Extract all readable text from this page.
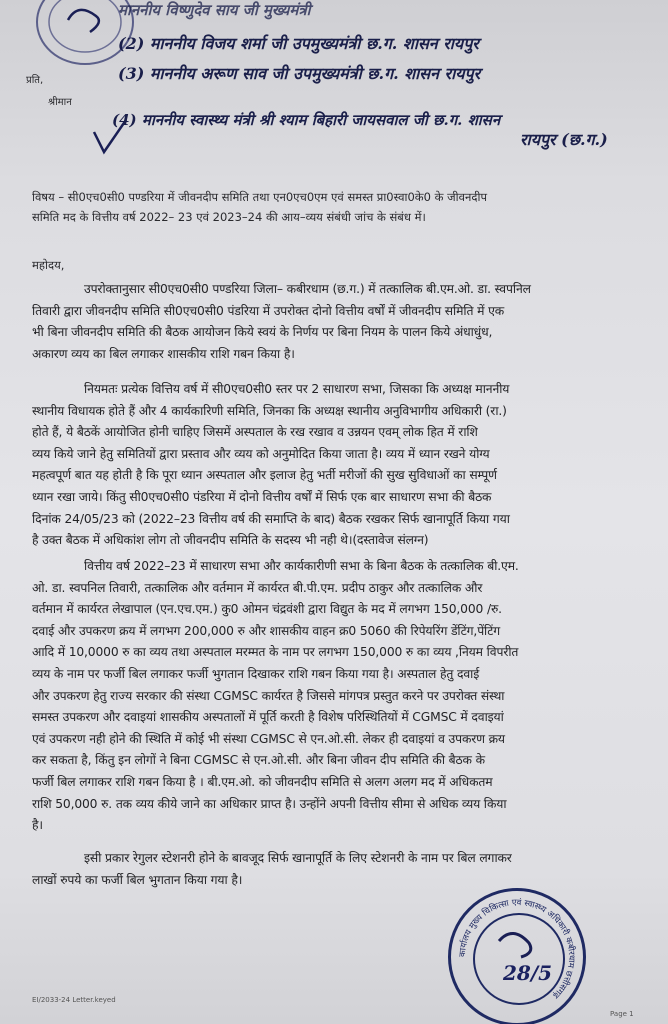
माननीय विष्णुदेव साय जी मुख्यमंत्री
(2) माननीय विजय शर्मा जी उपमुख्यमंत्री छ.ग. शासन रायपुर
प्रति,	(3) माननीय अरूण साव जी उपमुख्यमंत्री छ.ग. शासन रायपुर
श्रीमान
(4) माननीय स्वास्थ्य मंत्री श्री श्याम बिहारी जायसवाल जी छ.ग. शासन
रायपुर (छ.ग.)
विषय – सी0एच0सी0 पण्डरिया में जीवनदीप समिति तथा एन0एच0एम एवं समस्त प्रा0स्वा0के0 के जीवनदीप
समिति मद के वित्तीय वर्ष 2022– 23 एवं 2023–24 की आय–व्यय संबंधी जांच के संबंध में।
महोदय,
उपरोक्तानुसार सी0एच0सी0 पण्डरिया जिला– कबीरधाम (छ.ग.) में तत्कालिक बी.एम.ओ. डा. स्वपनिल
तिवारी द्वारा जीवनदीप समिति सी0एच0सी0 पंडरिया में उपरोक्त दोनो वित्तीय वर्षों में जीवनदीप समिति में एक
भी बिना जीवनदीप समिति की बैठक आयोजन किये स्वयं के निर्णय पर बिना नियम के पालन किये अंधाधुंध,
अकारण व्यय का बिल लगाकर शासकीय राशि गबन किया है।
नियमतः प्रत्येक वित्तिय वर्ष में सी0एच0सी0 स्तर पर 2 साधारण सभा, जिसका कि अध्यक्ष माननीय
स्थानीय विधायक होते हैं और 4 कार्यकारिणी समिति, जिनका कि अध्यक्ष स्थानीय अनुविभागीय अधिकारी (रा.)
होते हैं, ये बैठकें आयोजित होनी चाहिए जिसमें अस्पताल के रख रखाव व उन्नयन एवम् लोक हित में राशि
व्यय किये जाने हेतु समितियों द्वारा प्रस्ताव और व्यय को अनुमोदित किया जाता है। व्यय में ध्यान रखने योग्य
महत्वपूर्ण बात यह होती है कि पूरा ध्यान अस्पताल और इलाज हेतु भर्ती मरीजों की सुख सुविधाओं का सम्पूर्ण
ध्यान रखा जाये। किंतु सी0एच0सी0 पंडरिया में दोनो वित्तीय वर्षों में सिर्फ एक बार साधारण सभा की बैठक
दिनांक 24/05/23 को (2022–23 वित्तीय वर्ष की समाप्ति के बाद) बैठक रखकर सिर्फ खानापूर्ति किया गया
है उक्त बैठक में अधिकांश लोग तो जीवनदीप समिति के सदस्य भी नही थे।(दस्तावेज संलग्न)
वित्तीय वर्ष 2022–23 में साधारण सभा और कार्यकारीणी सभा के बिना बैठक के तत्कालिक बी.एम.
ओ. डा. स्वपनिल तिवारी, तत्कालिक और वर्तमान में कार्यरत बी.पी.एम. प्रदीप ठाकुर और तत्कालिक और
वर्तमान में कार्यरत लेखापाल (एन.एच.एम.) कु0 ओमन चंद्रवंशी द्वारा विद्युत के मद में लगभग 150,000 /रु.
दवाई और उपकरण क्रय में लगभग 200,000 रु और शासकीय वाहन क्र0 5060 की रिपेयरिंग डेंटिंग,पेंटिंग
आदि में 10,0000 रु का व्यय तथा अस्पताल मरम्मत के नाम पर लगभग 150,000 रु का व्यय ,नियम विपरीत
व्यय के नाम पर फर्जी बिल लगाकर फर्जी भुगतान दिखाकर राशि गबन किया गया है। अस्पताल हेतु दवाई
और उपकरण हेतु राज्य सरकार की संस्था CGMSC कार्यरत है जिससे मांगपत्र प्रस्तुत करने पर उपरोक्त संस्था
समस्त उपकरण और दवाइयां शासकीय अस्पतालों में पूर्ति करती है विशेष परिस्थितियों में CGMSC में दवाइयां
एवं उपकरण नही होने की स्थिति में कोई भी संस्था CGMSC से एन.ओ.सी. लेकर ही दवाइयां व उपकरण क्रय
कर सकता है, किंतु इन लोगों ने बिना CGMSC से एन.ओ.सी. और बिना जीवन दीप समिति की बैठक के
फर्जी बिल लगाकर राशि गबन किया है । बी.एम.ओ. को जीवनदीप समिति से अलग अलग मद में अधिकतम
राशि 50,000 रु. तक व्यय कीये जाने का अधिकार प्राप्त है। उन्होंने अपनी वित्तीय सीमा से अधिक व्यय किया
है।
इसी प्रकार रेगुलर स्टेशनरी होने के बावजूद सिर्फ खानापूर्ति के लिए स्टेशनरी के नाम पर बिल लगाकर
लाखों रुपये का फर्जी बिल भुगतान किया गया है।
कार्यालय मुख्य चिकित्सा एवं स्वास्थ्य अधिकारी कबीरधाम छत्तीसगढ़
28/5
EI/2033-24 Letter.keyed
Page 1
